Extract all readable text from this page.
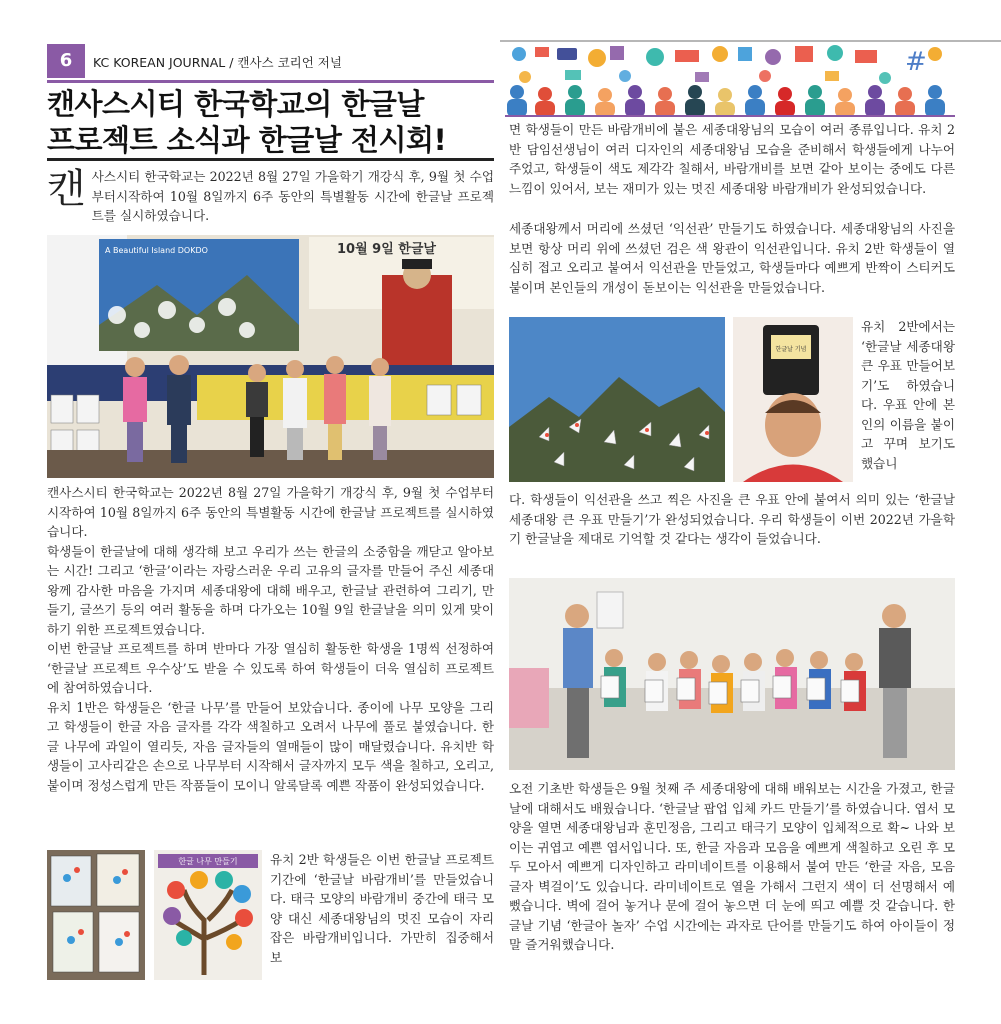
6	KC KOREAN JOURNAL / 캔사스 코리언 저널	#
캔사스시티 한국학교의 한글날
프로젝트 소식과 한글날 전시회!
캔 사스시티 한국학교는 2022년 8월 27일 가을학기 개강식 후, 9월 첫 수업부터시작하여 10월 8일까지 6주 동안의 특별활동 시간에 한글날 프로젝트를 실시하였습니다.
A Beautiful Island DOKDO	10월 9일 한글날

캔사스시티 한국학교는 2022년 8월 27일 가을학기 개강식 후, 9월 첫 수업부터 시작하여 10월 8일까지 6주 동안의 특별활동 시간에 한글날 프로젝트를 실시하였습니다.

학생들이 한글날에 대해 생각해 보고 우리가 쓰는 한글의 소중함을 깨닫고 알아보는 시간! 그리고 ‘한글’이라는 자랑스러운 우리 고유의 글자를 만들어 주신 세종대왕께 감사한 마음을 가지며 세종대왕에 대해 배우고, 한글날 관련하여 그리기, 만들기, 글쓰기 등의 여러 활동을 하며 다가오는 10월 9일 한글날을 의미 있게 맞이하기 위한 프로젝트였습니다.

이번 한글날 프로젝트를 하며 반마다 가장 열심히 활동한 학생을 1명씩 선정하여 ‘한글날 프로젝트 우수상’도 받을 수 있도록 하여 학생들이 더욱 열심히 프로젝트에 참여하였습니다.

유치 1반은 학생들은 ‘한글 나무’를 만들어 보았습니다. 종이에 나무 모양을 그리고 학생들이 한글 자음 글자를 각각 색칠하고 오려서 나무에 풀로 붙였습니다. 한글 나무에 과일이 열리듯, 자음 글자들의 열매들이 많이 매달렸습니다. 유치반 학생들이 고사리같은 손으로 나무부터 시작해서 글자까지 모두 색을 칠하고, 오리고, 붙이며 정성스럽게 만든 작품들이 모이니 알록달록 예쁜 작품이 완성되었습니다.

한글 나무 만들기	유치 2반 학생들은 이번 한글날 프로젝트 기간에 ‘한글날 바람개비’를 만들었습니다. 태극 모양의 바람개비 중간에 태극 모양 대신 세종대왕님의 멋진 모습이 자리 잡은 바람개비입니다. 가만히 집중해서 보
면 학생들이 만든 바람개비에 붙은 세종대왕님의 모습이 여러 종류입니다. 유치 2반 담임선생님이 여러 디자인의 세종대왕님 모습을 준비해서 학생들에게 나누어 주었고, 학생들이 색도 제각각 칠해서, 바람개비를 보면 같아 보이는 중에도 다른 느낌이 있어서, 보는 재미가 있는 멋진 세종대왕 바람개비가 완성되었습니다.
세종대왕께서 머리에 쓰셨던 ‘익선관’ 만들기도 하였습니다. 세종대왕님의 사진을 보면 항상 머리 위에 쓰셨던 검은 색 왕관이 익선관입니다. 유치 2반 학생들이 열심히 접고 오리고 붙여서 익선관을 만들었고, 학생들마다 예쁘게 반짝이 스티커도 붙이며 본인들의 개성이 돋보이는 익선관을 만들었습니다.
한글날 기념
유치 2반에서는 ‘한글날 세종대왕 큰 우표 만들어보기’도 하였습니다. 우표 안에 본인의 이름을 붙이고 꾸며 보기도 했습니
다. 학생들이 익선관을 쓰고 찍은 사진을 큰 우표 안에 붙여서 의미 있는 ‘한글날 세종대왕 큰 우표 만들기’가 완성되었습니다. 우리 학생들이 이번 2022년 가을학기 한글날을 제대로 기억할 것 같다는 생각이 들었습니다.
오전 기초반 학생들은 9월 첫째 주 세종대왕에 대해 배워보는 시간을 가졌고, 한글날에 대해서도 배웠습니다. ‘한글날 팝업 입체 카드 만들기’를 하였습니다. 엽서 모양을 열면 세종대왕님과 훈민정음, 그리고 태극기 모양이 입체적으로 확~ 나와 보이는 귀엽고 예쁜 엽서입니다. 또, 한글 자음과 모음을 예쁘게 색칠하고 오린 후 모두 모아서 예쁘게 디자인하고 라미네이트를 이용해서 붙여 만든 ‘한글 자음, 모음 글자 벽걸이’도 있습니다. 라미네이트로 열을 가해서 그런지 색이 더 선명해서 예뻤습니다. 벽에 걸어 놓거나 문에 걸어 놓으면 더 눈에 띄고 예쁠 것 같습니다. 한글날 기념 ‘한글아 놀자’ 수업 시간에는 과자로 단어를 만들기도 하여 아이들이 정말 즐거워했습니다.
